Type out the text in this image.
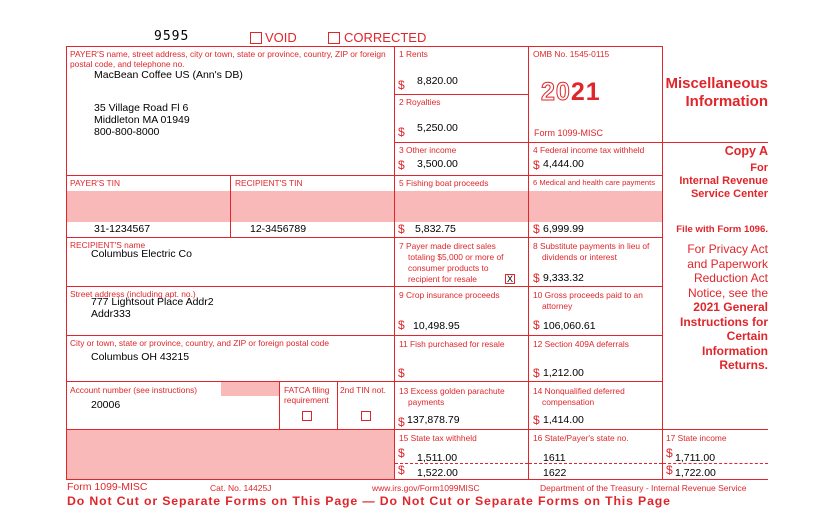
9595	VOID	CORRECTED
PAYER'S name, street address, city or town, state or province, country, ZIP or foreign postal code, and telephone no.
MacBean Coffee US (Ann's DB)
35 Village Road Fl 6
Middleton MA 01949
800-800-8000
PAYER'S TIN	RECIPIENT'S TIN
31-1234567	12-3456789
RECIPIENT'S name
Columbus Electric Co
Street address (including apt. no.)
777 Lightsout Place Addr2
Addr333
City or town, state or province, country, and ZIP or foreign postal code
Columbus OH 43215
Account number (see instructions)
20006
FATCA filing
requirement
2nd TIN not.
1 Rents
$ 8,820.00
2 Royalties
$ 5,250.00
OMB No. 1545-0115
2021
Form 1099-MISC
Miscellaneous
Information
3 Other income
$ 3,500.00
4 Federal income tax withheld
$ 4,444.00
5 Fishing boat proceeds
$ 5,832.75
6 Medical and health care payments
$ 6,999.99
7 Payer made direct sales
totaling $5,000 or more of
consumer products to
recipient for resale	X
8 Substitute payments in lieu of
dividends or interest
$ 9,333.32
9 Crop insurance proceeds
$ 10,498.95
10 Gross proceeds paid to an
attorney
$ 106,060.61
11 Fish purchased for resale
$
12 Section 409A deferrals
$ 1,212.00
13 Excess golden parachute
payments
$ 137,878.79
14 Nonqualified deferred
compensation
$ 1,414.00
15 State tax withheld
$ 1,511.00
$ 1,522.00
16 State/Payer's state no.
1611
1622
17 State income
$ 1,711.00
$ 1,722.00
Copy A
For
Internal Revenue
Service Center
File with Form 1096.
For Privacy Act
and Paperwork
Reduction Act
Notice, see the
2021 General
Instructions for
Certain
Information
Returns.
Form 1099-MISC	Cat. No. 14425J	www.irs.gov/Form1099MISC	Department of the Treasury - Internal Revenue Service
Do Not Cut or Separate Forms on This Page — Do Not Cut or Separate Forms on This Page
